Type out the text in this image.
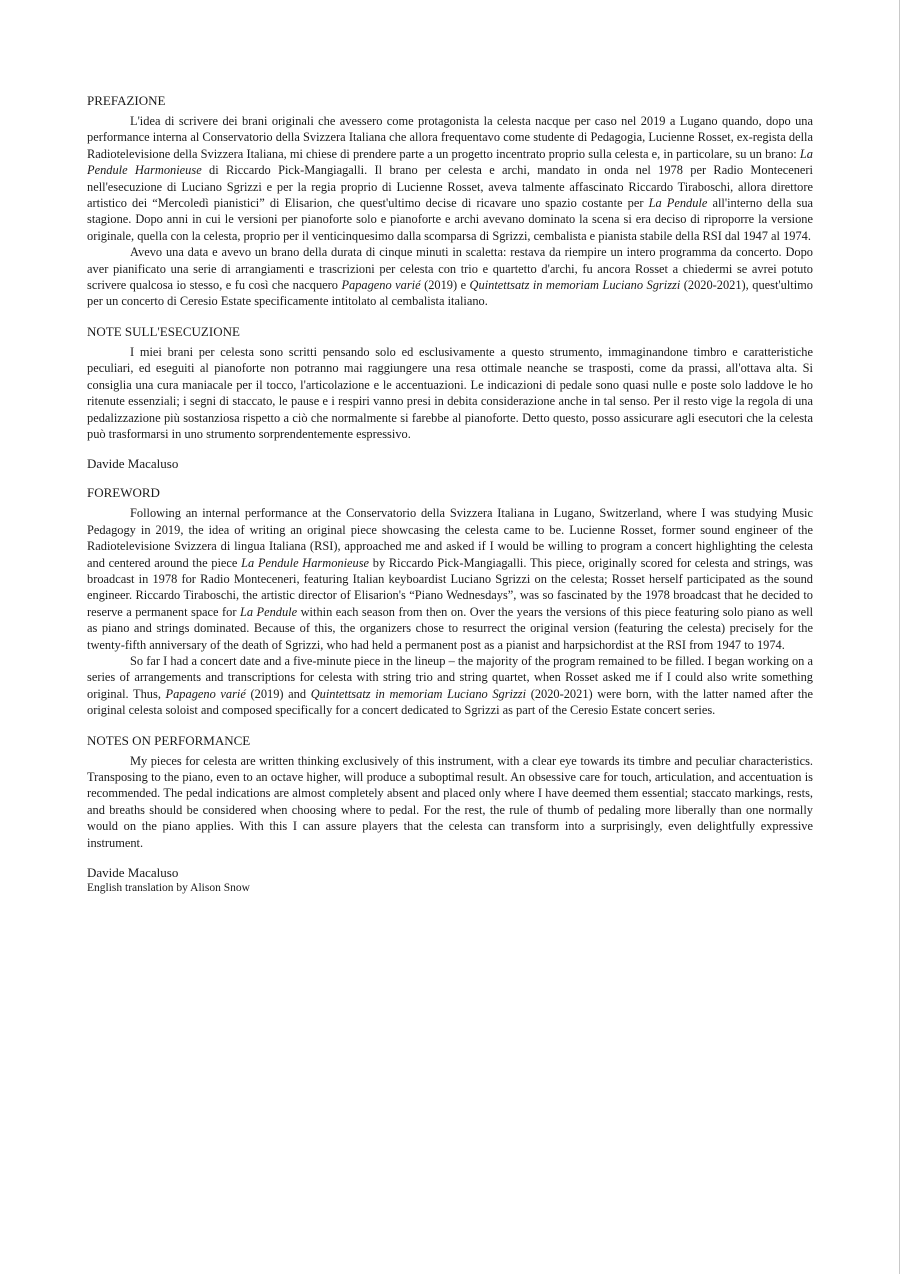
PREFAZIONE

L'idea di scrivere dei brani originali che avessero come protagonista la celesta nacque per caso nel 2019 a Lugano quando, dopo una performance interna al Conservatorio della Svizzera Italiana che allora frequentavo come studente di Pedagogia, Lucienne Rosset, ex-regista della Radiotelevisione della Svizzera Italiana, mi chiese di prendere parte a un progetto incentrato proprio sulla celesta e, in particolare, su un brano: La Pendule Harmonieuse di Riccardo Pick-Mangiagalli. Il brano per celesta e archi, mandato in onda nel 1978 per Radio Monteceneri nell'esecuzione di Luciano Sgrizzi e per la regia proprio di Lucienne Rosset, aveva talmente affascinato Riccardo Tiraboschi, allora direttore artistico dei “Mercoledì pianistici” di Elisarion, che quest'ultimo decise di ricavare uno spazio costante per La Pendule all'interno della sua stagione. Dopo anni in cui le versioni per pianoforte solo e pianoforte e archi avevano dominato la scena si era deciso di riproporre la versione originale, quella con la celesta, proprio per il venticinquesimo dalla scomparsa di Sgrizzi, cembalista e pianista stabile della RSI dal 1947 al 1974.

Avevo una data e avevo un brano della durata di cinque minuti in scaletta: restava da riempire un intero programma da concerto. Dopo aver pianificato una serie di arrangiamenti e trascrizioni per celesta con trio e quartetto d'archi, fu ancora Rosset a chiedermi se avrei potuto scrivere qualcosa io stesso, e fu così che nacquero Papageno varié (2019) e Quintettsatz in memoriam Luciano Sgrizzi (2020-2021), quest'ultimo per un concerto di Ceresio Estate specificamente intitolato al cembalista italiano.

NOTE SULL'ESECUZIONE

I miei brani per celesta sono scritti pensando solo ed esclusivamente a questo strumento, immaginandone timbro e caratteristiche peculiari, ed eseguiti al pianoforte non potranno mai raggiungere una resa ottimale neanche se trasposti, come da prassi, all'ottava alta. Si consiglia una cura maniacale per il tocco, l'articolazione e le accentuazioni. Le indicazioni di pedale sono quasi nulle e poste solo laddove le ho ritenute essenziali; i segni di staccato, le pause e i respiri vanno presi in debita considerazione anche in tal senso. Per il resto vige la regola di una pedalizzazione più sostanziosa rispetto a ciò che normalmente si farebbe al pianoforte. Detto questo, posso assicurare agli esecutori che la celesta può trasformarsi in uno strumento sorprendentemente espressivo.

Davide Macaluso

FOREWORD

Following an internal performance at the Conservatorio della Svizzera Italiana in Lugano, Switzerland, where I was studying Music Pedagogy in 2019, the idea of writing an original piece showcasing the celesta came to be. Lucienne Rosset, former sound engineer of the Radiotelevisione Svizzera di lingua Italiana (RSI), approached me and asked if I would be willing to program a concert highlighting the celesta and centered around the piece La Pendule Harmonieuse by Riccardo Pick-Mangiagalli. This piece, originally scored for celesta and strings, was broadcast in 1978 for Radio Monteceneri, featuring Italian keyboardist Luciano Sgrizzi on the celesta; Rosset herself participated as the sound engineer. Riccardo Tiraboschi, the artistic director of Elisarion's “Piano Wednesdays”, was so fascinated by the 1978 broadcast that he decided to reserve a permanent space for La Pendule within each season from then on. Over the years the versions of this piece featuring solo piano as well as piano and strings dominated. Because of this, the organizers chose to resurrect the original version (featuring the celesta) precisely for the twenty-fifth anniversary of the death of Sgrizzi, who had held a permanent post as a pianist and harpsichordist at the RSI from 1947 to 1974.

So far I had a concert date and a five-minute piece in the lineup – the majority of the program remained to be filled. I began working on a series of arrangements and transcriptions for celesta with string trio and string quartet, when Rosset asked me if I could also write something original. Thus, Papageno varié (2019) and Quintettsatz in memoriam Luciano Sgrizzi (2020-2021) were born, with the latter named after the original celesta soloist and composed specifically for a concert dedicated to Sgrizzi as part of the Ceresio Estate concert series.

NOTES ON PERFORMANCE

My pieces for celesta are written thinking exclusively of this instrument, with a clear eye towards its timbre and peculiar characteristics. Transposing to the piano, even to an octave higher, will produce a suboptimal result. An obsessive care for touch, articulation, and accentuation is recommended. The pedal indications are almost completely absent and placed only where I have deemed them essential; staccato markings, rests, and breaths should be considered when choosing where to pedal. For the rest, the rule of thumb of pedaling more liberally than one normally would on the piano applies. With this I can assure players that the celesta can transform into a surprisingly, even delightfully expressive instrument.

Davide Macaluso

English translation by Alison Snow
